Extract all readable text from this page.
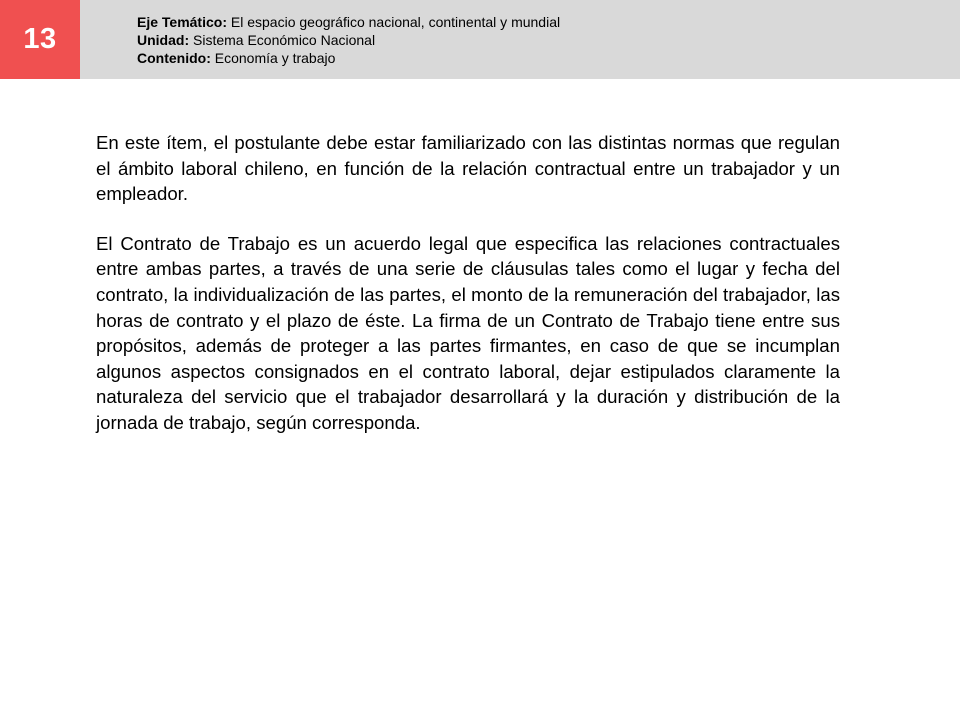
13
Eje Temático: El espacio geográfico nacional, continental y mundial
Unidad: Sistema Económico Nacional
Contenido: Economía y trabajo

En este ítem, el postulante debe estar familiarizado con las distintas normas que regulan el ámbito laboral chileno, en función de la relación contractual entre un trabajador y un empleador.

El Contrato de Trabajo es un acuerdo legal que especifica las relaciones contractuales entre ambas partes, a través de una serie de cláusulas tales como el lugar y fecha del contrato, la individualización de las partes, el monto de la remuneración del trabajador, las horas de contrato y el plazo de éste. La firma de un Contrato de Trabajo tiene entre sus propósitos, además de proteger a las partes firmantes, en caso de que se incumplan algunos aspectos consignados en el contrato laboral, dejar estipulados claramente la naturaleza del servicio que el trabajador desarrollará y la duración y distribución de la jornada de trabajo, según corresponda.
